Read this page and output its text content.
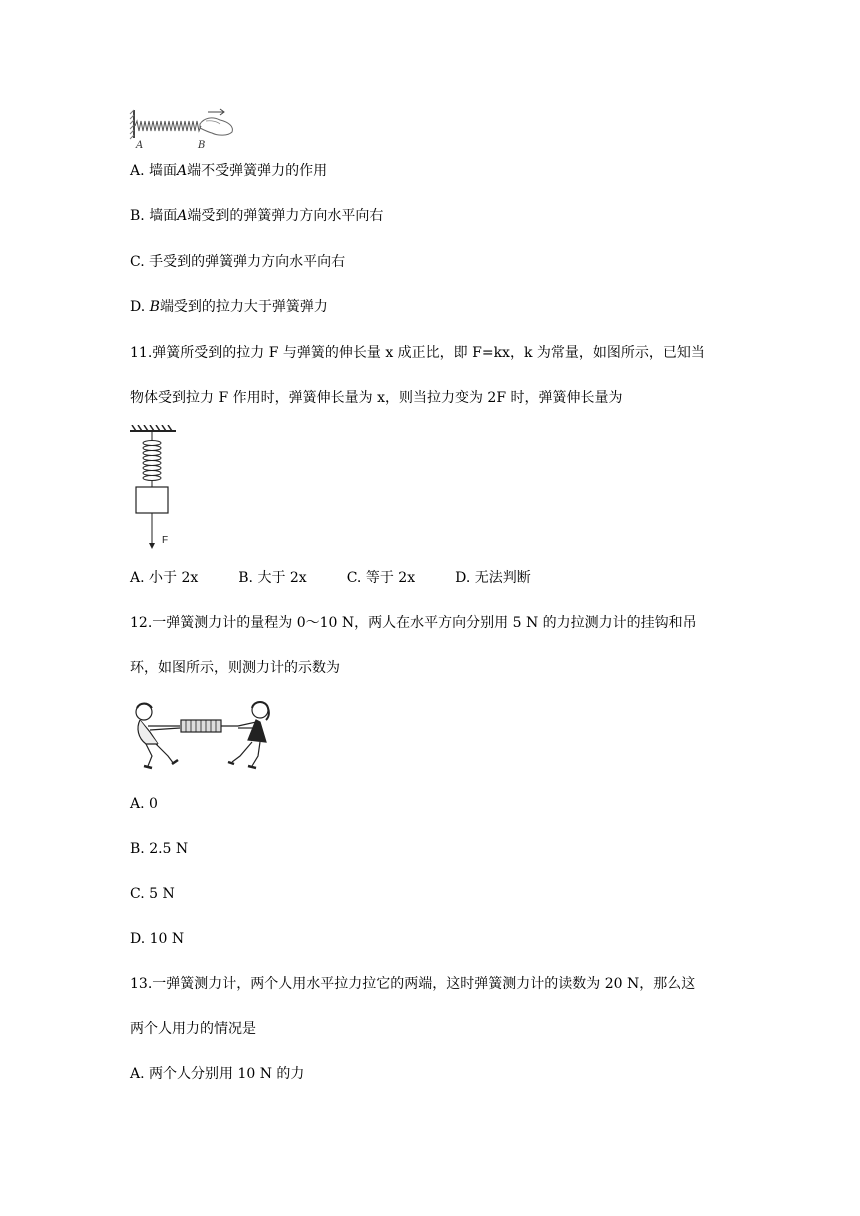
A	B
A. 墙面A端不受弹簧弹力的作用
B. 墙面A端受到的弹簧弹力方向水平向右
C. 手受到的弹簧弹力方向水平向右
D. B端受到的拉力大于弹簧弹力
11.弹簧所受到的拉力 F 与弹簧的伸长量 x 成正比，即 F=kx，k 为常量，如图所示，已知当
物体受到拉力 F 作用时，弹簧伸长量为 x，则当拉力变为 2F 时，弹簧伸长量为
F
A. 小于 2x	B. 大于 2x	C. 等于 2x	D. 无法判断
12.一弹簧测力计的量程为 0～10 N，两人在水平方向分别用 5 N 的力拉测力计的挂钩和吊
环，如图所示，则测力计的示数为
A. 0
B. 2.5 N
C. 5 N
D. 10 N
13.一弹簧测力计，两个人用水平拉力拉它的两端，这时弹簧测力计的读数为 20 N，那么这
两个人用力的情况是
A. 两个人分别用 10 N 的力
